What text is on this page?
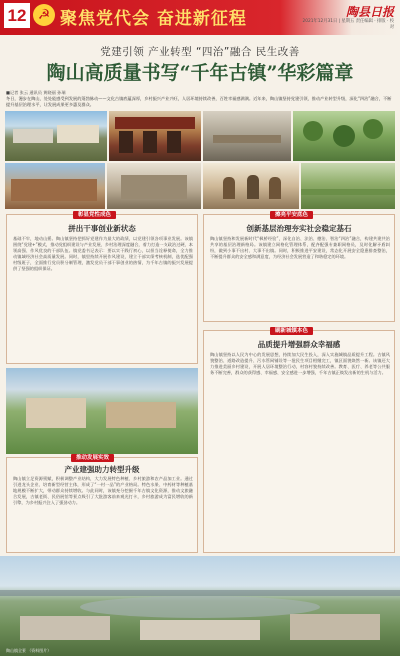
12 ☭ 聚焦党代会 奋进新征程	陶县日报
2021年12月31日 | 星期五 责任编辑 · 排版 · 校对
党建引领 产业转型 “四治”融合 民生改善
陶山高质量书写“千年古镇”华彩篇章
■记者 张云 通讯员 黄晓丽 孙瑞
冬日，漫步在陶山，处处能感受到发展的蓬勃脉动——文化古镇底蕴深厚，乡村振兴产业兴旺，人居环境持续改善，百姓幸福感满满。近年来，陶山镇坚持党建引领，推动产业转型升级，深化“四治”融合，不断提升基层治理水平，让发展成果更多惠及群众。
彰显党性成色
拼出干事创业新状态
基础不牢，地动山摇。陶山镇坚持把抓好党建作为最大的政绩，以党建引领各项事业发展。该镇围绕“党建+”模式，推动党组织建设与产业发展、乡村治理深度融合，着力打造一支政治过硬、本领高强、作风优良的干部队伍。镇党委书记表示：要以实干践行初心，以担当诠释使命，全力推动镇域经济社会高质量发展。同时，镇里持续开展作风建设，建立干部实绩考核机制，选优配强村级班子，全面推行党员积分制管理，激发党员干部干事创业的热情，为千年古镇的振兴发展提供了坚强的组织保证。
推动发展实效
产业建强助力转型升级
陶山镇立足资源禀赋，积极调整产业结构，大力发展特色种植、乡村旅游和农产品加工业。通过引进龙头企业、培育新型经营主体，形成了“一村一品”的产业格局。特色水果、中药材等种植基地规模不断扩大，带动群众持续增收。与此同时，该镇充分挖掘千年古镇文化资源，推动文旅融合发展，古镇老街、民俗展馆等景点吸引了大批游客前来观光打卡，乡村旅游成为富民增收的新引擎，为乡村振兴注入了强劲动力。
擦亮平安底色
创新基层治理夯实社会稳定基石
陶山镇坚持和发展新时代“枫桥经验”，深化自治、法治、德治、智治“四治”融合，构建共建共治共享的基层治理新格局。该镇建立网格化管理体系，配齐配强专兼职网格员，及时化解矛盾纠纷，做到小事不出村、大事不出镇。同时，积极推进平安建设，常态化开展安全隐患排查整治，不断提升群众的安全感和满意度，为经济社会发展营造了和谐稳定的环境。
刷新城镇本色
品质提升增强群众幸福感
陶山镇坚持以人民为中心的发展思想，持续加大民生投入，深入实施城镇品质提升工程。古镇风貌整治、道路改造提升、污水管网铺设等一批民生项目相继完工，镇区面貌焕然一新。该镇还大力推进美丽乡村建设，开展人居环境整治行动，村容村貌持续改善。教育、医疗、养老等公共服务不断完善，群众的获得感、幸福感、安全感进一步增强，千年古镇正焕发出新的生机与活力。
陶山镇全景 （资料图片）
